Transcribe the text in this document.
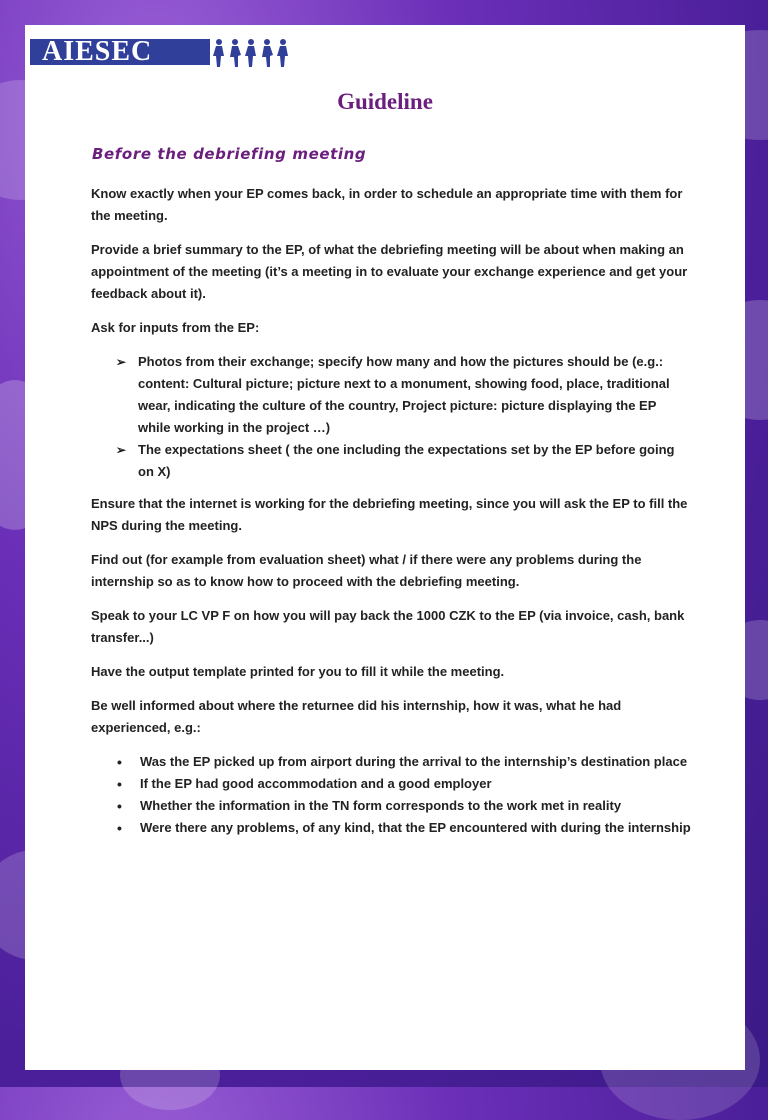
AIESEC
Guideline
Before the debriefing meeting

Know exactly when your EP comes back, in order to schedule an appropriate time with them for the meeting.

Provide a brief summary to the EP, of what the debriefing meeting will be about when making an appointment of the meeting (it’s a meeting in to evaluate your exchange experience and get your feedback about it).

Ask for inputs from the EP:

➢ Photos from their exchange; specify how many and how the pictures should be (e.g.: content: Cultural picture; picture next to a monument, showing food, place, traditional wear, indicating the culture of the country, Project picture: picture displaying the EP while working in the project …)
➢ The expectations sheet ( the one including the expectations set by the EP before going on X)

Ensure that the internet is working for the debriefing meeting, since you will ask the EP to fill the NPS during the meeting.

Find out (for example from evaluation sheet) what / if there were any problems during the internship so as to know how to proceed with the debriefing meeting.

Speak to your LC VP F on how you will pay back the 1000 CZK to the EP (via invoice, cash, bank transfer...)

Have the output template printed for you to fill it while the meeting.

Be well informed about where the returnee did his internship, how it was, what he had experienced, e.g.:

• Was the EP picked up from airport during the arrival to the internship’s destination place
• If the EP had good accommodation and a good employer
• Whether the information in the TN form corresponds to the work met in reality
• Were there any problems, of any kind, that the EP encountered with during the internship
